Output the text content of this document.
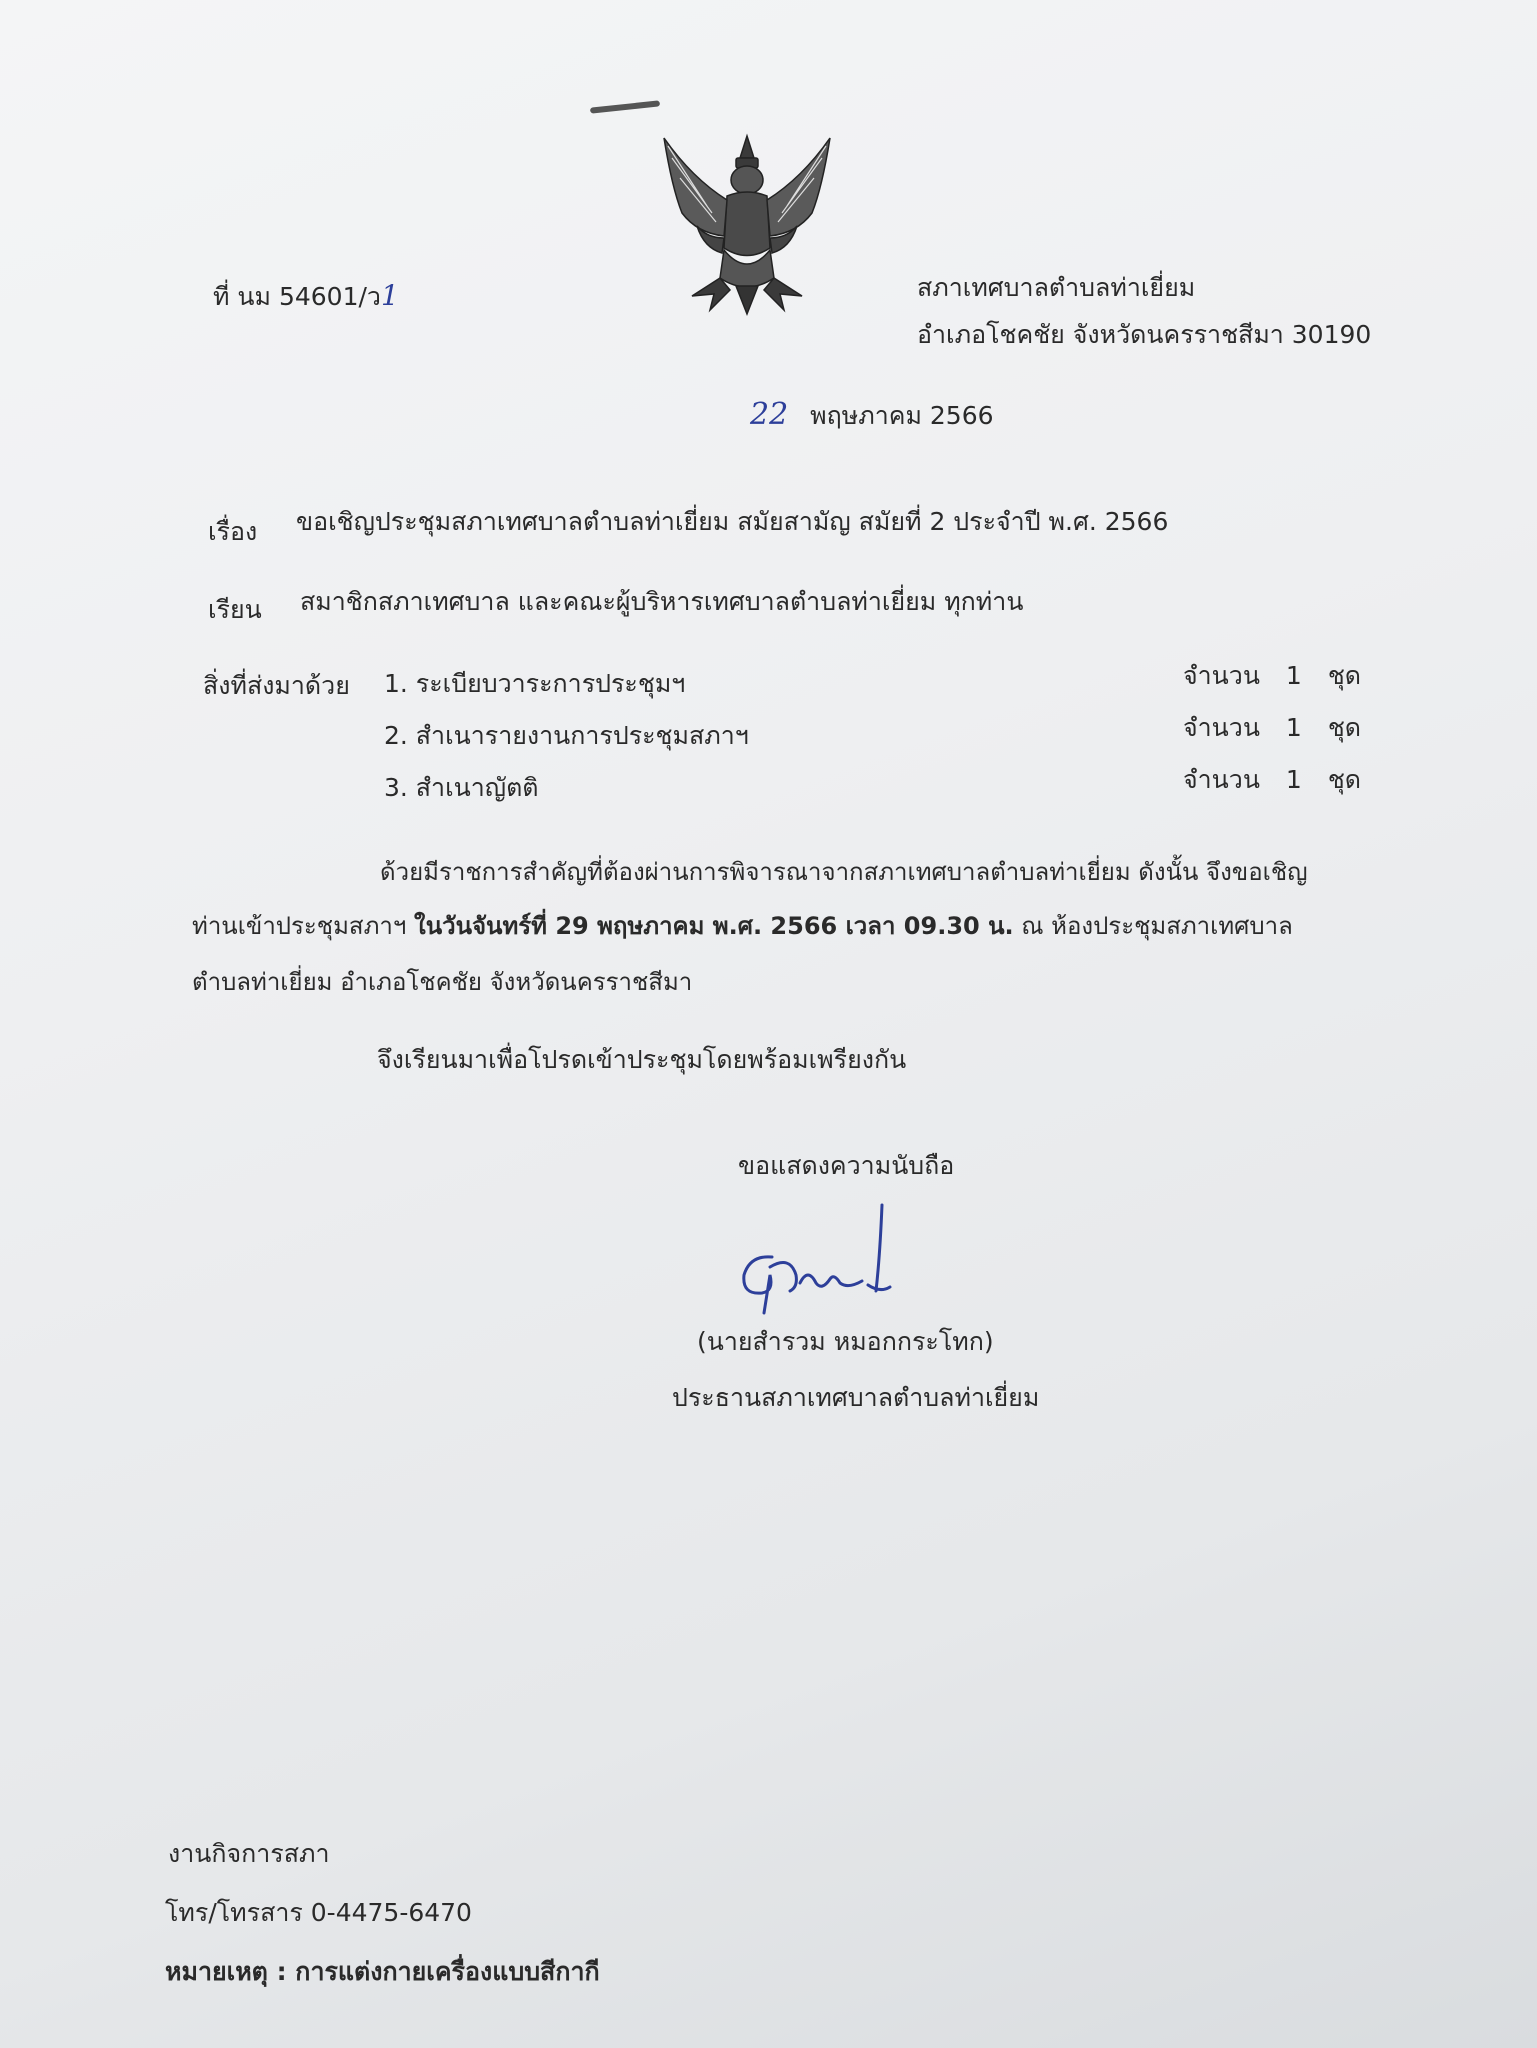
ที่ นม 54601/ว1	สภาเทศบาลตำบลท่าเยี่ยม
อำเภอโชคชัย จังหวัดนครราชสีมา 30190
22 พฤษภาคม 2566
เรื่อง ขอเชิญประชุมสภาเทศบาลตำบลท่าเยี่ยม สมัยสามัญ สมัยที่ 2 ประจำปี พ.ศ. 2566
เรียน สมาชิกสภาเทศบาล และคณะผู้บริหารเทศบาลตำบลท่าเยี่ยม ทุกท่าน
สิ่งที่ส่งมาด้วย 1. ระเบียบวาระการประชุมฯ	จำนวน 1 ชุด
2. สำเนารายงานการประชุมสภาฯ	จำนวน 1 ชุด
3. สำเนาญัตติ	จำนวน 1 ชุด
ด้วยมีราชการสำคัญที่ต้องผ่านการพิจารณาจากสภาเทศบาลตำบลท่าเยี่ยม ดังนั้น จึงขอเชิญ
ท่านเข้าประชุมสภาฯ ในวันจันทร์ที่ 29 พฤษภาคม พ.ศ. 2566 เวลา 09.30 น. ณ ห้องประชุมสภาเทศบาล
ตำบลท่าเยี่ยม อำเภอโชคชัย จังหวัดนครราชสีมา
จึงเรียนมาเพื่อโปรดเข้าประชุมโดยพร้อมเพรียงกัน
ขอแสดงความนับถือ
(นายสำรวม หมอกกระโทก)
ประธานสภาเทศบาลตำบลท่าเยี่ยม
งานกิจการสภา
โทร/โทรสาร 0-4475-6470
หมายเหตุ : การแต่งกายเครื่องแบบสีกากี
